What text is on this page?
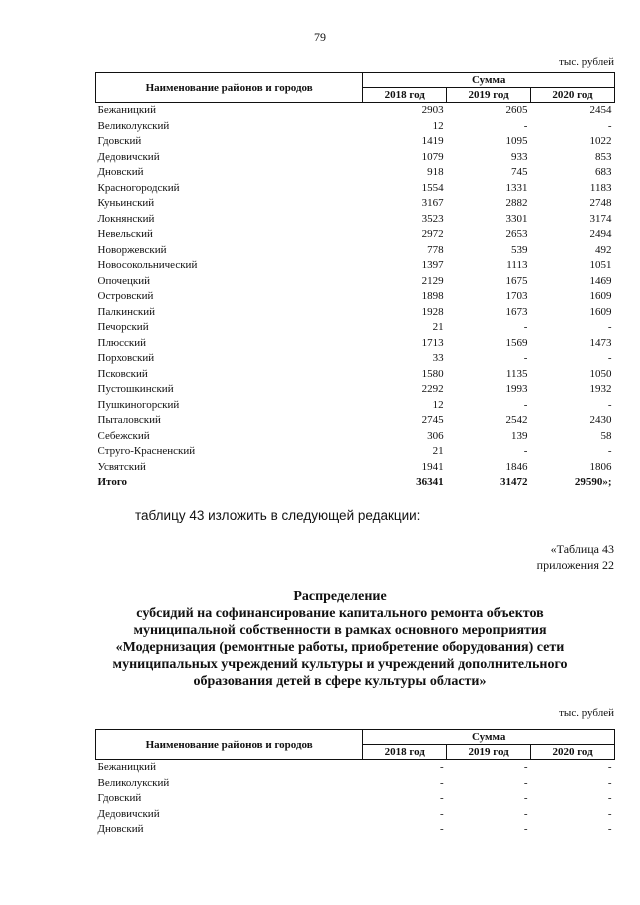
79
тыс. рублей
Наименование районов и городов	Сумма		
	2018 год	2019 год	2020 год
Бежаницкий	2903	2605	2454
Великолукский	12	-	-
Гдовский	1419	1095	1022
Дедовичский	1079	933	853
Дновский	918	745	683
Красногородский	1554	1331	1183
Куньинский	3167	2882	2748
Локнянский	3523	3301	3174
Невельский	2972	2653	2494
Новоржевский	778	539	492
Новосокольнический	1397	1113	1051
Опочецкий	2129	1675	1469
Островский	1898	1703	1609
Палкинский	1928	1673	1609
Печорский	21	-	-
Плюсский	1713	1569	1473
Порховский	33	-	-
Псковский	1580	1135	1050
Пустошкинский	2292	1993	1932
Пушкиногорский	12	-	-
Пыталовский	2745	2542	2430
Себежский	306	139	58
Струго-Красненский	21	-	-
Усвятский	1941	1846	1806
Итого	36341	31472	29590»;
таблицу 43 изложить в следующей редакции:
«Таблица 43
приложения 22
Распределение
субсидий на софинансирование капитального ремонта объектов
муниципальной собственности в рамках основного мероприятия
«Модернизация (ремонтные работы, приобретение оборудования) сети
муниципальных учреждений культуры и учреждений дополнительного
образования детей в сфере культуры области»
тыс. рублей
Наименование районов и городов	Сумма		
	2018 год	2019 год	2020 год
Бежаницкий	-	-	-
Великолукский	-	-	-
Гдовский	-	-	-
Дедовичский	-	-	-
Дновский	-	-	-
